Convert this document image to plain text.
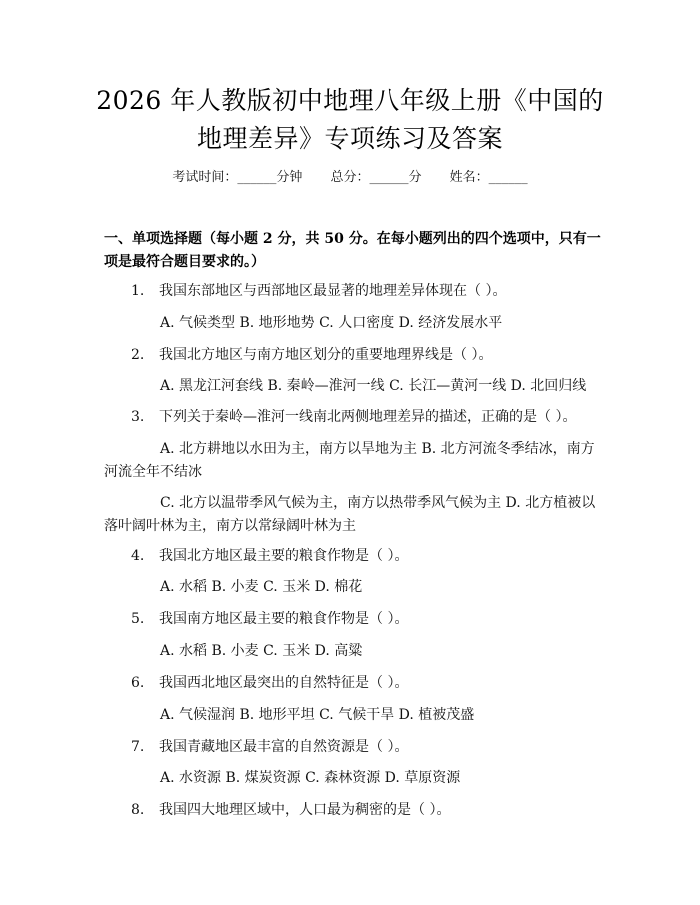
2026 年人教版初中地理八年级上册《中国的
地理差异》专项练习及答案
考试时间：______分钟 总分：______分 姓名：______
一、单项选择题（每小题 2 分，共 50 分。在每小题列出的四个选项中，只有一项是最符合题目要求的。）
1. 我国东部地区与西部地区最显著的地理差异体现在（ ）。
A. 气候类型 B. 地形地势 C. 人口密度 D. 经济发展水平
2. 我国北方地区与南方地区划分的重要地理界线是（ ）。
A. 黑龙江河套线 B. 秦岭—淮河一线 C. 长江—黄河一线 D. 北回归线
3. 下列关于秦岭—淮河一线南北两侧地理差异的描述，正确的是（ ）。
A. 北方耕地以水田为主，南方以旱地为主 B. 北方河流冬季结冰，南方河流全年不结冰
C. 北方以温带季风气候为主，南方以热带季风气候为主 D. 北方植被以落叶阔叶林为主，南方以常绿阔叶林为主
4. 我国北方地区最主要的粮食作物是（ ）。
A. 水稻 B. 小麦 C. 玉米 D. 棉花
5. 我国南方地区最主要的粮食作物是（ ）。
A. 水稻 B. 小麦 C. 玉米 D. 高粱
6. 我国西北地区最突出的自然特征是（ ）。
A. 气候湿润 B. 地形平坦 C. 气候干旱 D. 植被茂盛
7. 我国青藏地区最丰富的自然资源是（ ）。
A. 水资源 B. 煤炭资源 C. 森林资源 D. 草原资源
8. 我国四大地理区域中，人口最为稠密的是（ ）。
